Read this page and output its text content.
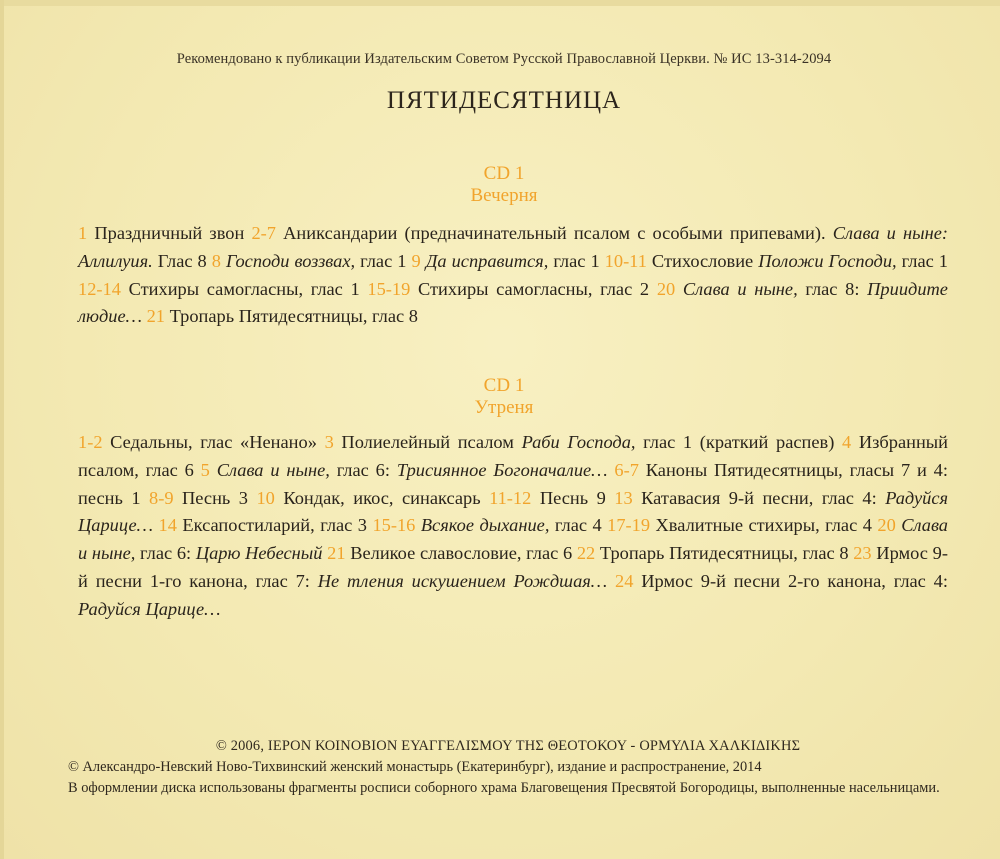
Рекомендовано к публикации Издательским Советом Русской Православной Церкви. № ИС 13-314-2094
ПЯТИДЕСЯТНИЦА
CD 1
Вечерня

1 Праздничный звон 2-7 Аниксандарии (предначинательный псалом с особыми припевами). Слава и ныне: Аллилуия. Глас 8 8 Господи воззвах, глас 1 9 Да исправится, глас 1 10-11 Стихословие Положи Господи, глас 1 12-14 Стихиры самогласны, глас 1 15-19 Стихиры самогласны, глас 2 20 Слава и ныне, глас 8: Приидите людие… 21 Тропарь Пятидесятницы, глас 8

CD 1
Утреня

1-2 Седальны, глас «Ненано» 3 Полиелейный псалом Раби Господа, глас 1 (краткий распев) 4 Избранный псалом, глас 6 5 Слава и ныне, глас 6: Трисиянное Богоначалие… 6-7 Каноны Пятидесятницы, гласы 7 и 4: песнь 1 8-9 Песнь 3 10 Кондак, икос, синаксарь 11-12 Песнь 9 13 Катавасия 9-й песни, глас 4: Радуйся Царице… 14 Ексапостиларий, глас 3 15-16 Всякое дыхание, глас 4 17-19 Хвалитные стихиры, глас 4 20 Слава и ныне, глас 6: Царю Небесный 21 Великое славословие, глас 6 22 Тропарь Пятидесятницы, глас 8 23 Ирмос 9-й песни 1-го канона, глас 7: Не тления искушением Рождшая… 24 Ирмос 9-й песни 2-го канона, глас 4: Радуйся Царице…

© 2006, ΙΕΡΟΝ ΚΟΙΝΟΒΙΟΝ ΕΥΑΓΓΕΛΙΣΜΟΥ ΤΗΣ ΘΕΟΤΟΚΟΥ - ΟΡΜΥΛΙΑ ΧΑΛΚΙΔΙΚΗΣ

© Александро-Невский Ново-Тихвинский женский монастырь (Екатеринбург), издание и распространение, 2014

В оформлении диска использованы фрагменты росписи соборного храма Благовещения Пресвятой Богородицы, выполненные насельницами.
